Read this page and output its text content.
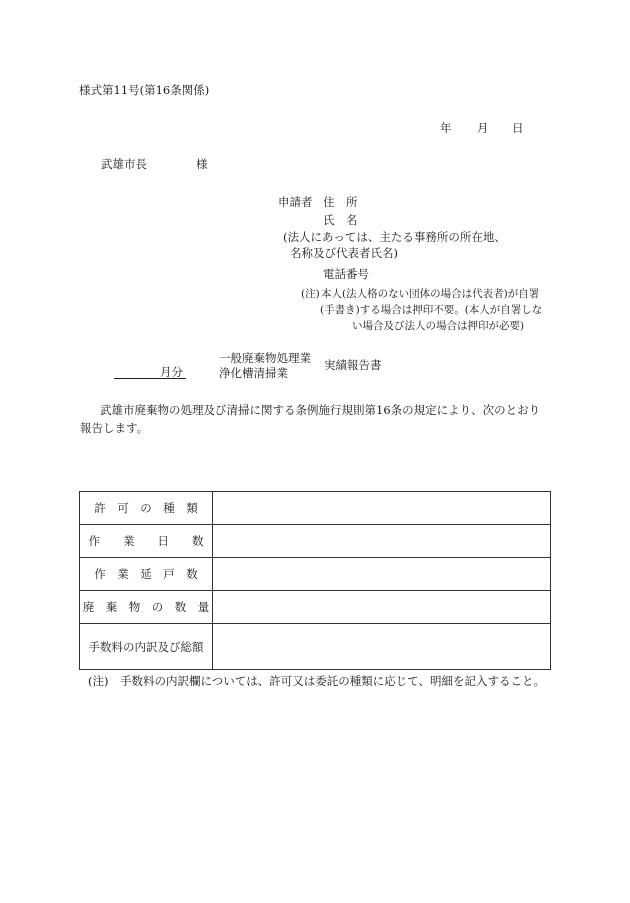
様式第11号(第16条関係)
年 月 日
武雄市長	様
申請者 住　所
氏　名
(法人にあっては、主たる事務所の所在地、
名称及び代表者氏名)
電話番号
(注) 本人(法人格のない団体の場合は代表者)が自署
(手書き)する場合は押印不要。(本人が自署しな
い場合及び法人の場合は押印が必要)
月分
一般廃棄物処理業
浄化槽清掃業
実績報告書
武雄市廃棄物の処理及び清掃に関する条例施行規則第16条の規定により、次のとおり
報告します。
許　可　の　種　類	
作　　業　　日　　数	
作　業　延　戸　数	
廃　棄　物　の　数　量	
手数料の内訳及び総額	
(注)　手数料の内訳欄については、許可又は委託の種類に応じて、明細を記入すること。
